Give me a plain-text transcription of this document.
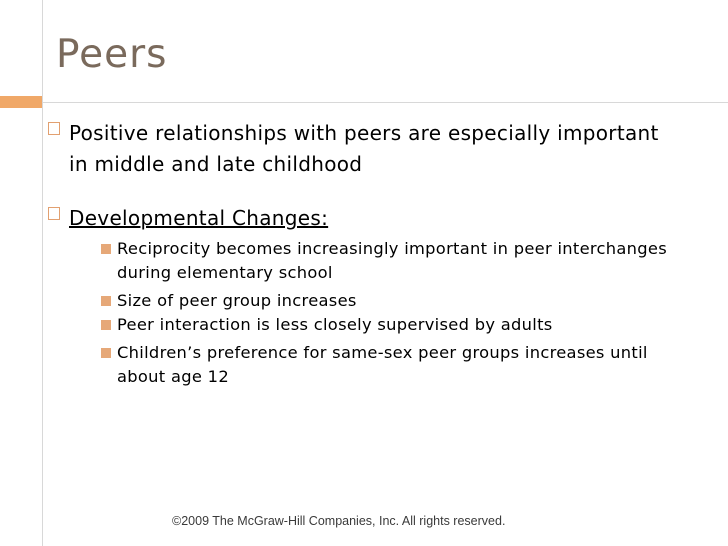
Peers
Positive relationships with peers are especially important in middle and late childhood
Developmental Changes:
Reciprocity becomes increasingly important in peer interchanges during elementary school
Size of peer group increases
Peer interaction is less closely supervised by adults
Children’s preference for same-sex peer groups increases until about age 12
©2009 The McGraw-Hill Companies, Inc. All rights reserved.
